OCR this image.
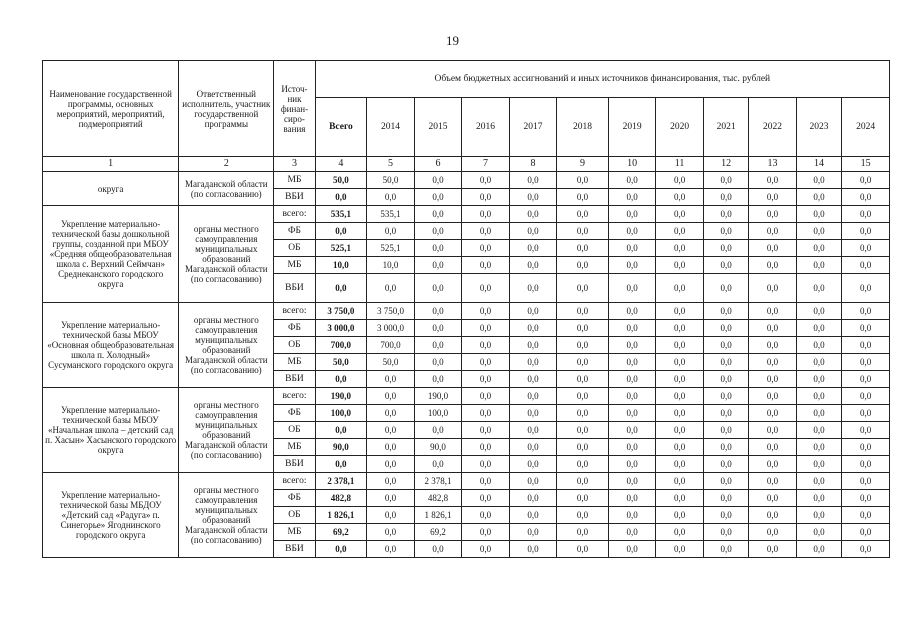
19
Наименование государственной программы, основных мероприятий, мероприятий, подмероприятий	Ответственный исполнитель, участник государственной программы	Источ-ник финан-сиро-вания	Объем бюджетных ассигнований и иных источников финансирования, тыс. рублей											
			Всего	2014	2015	2016	2017	2018	2019	2020	2021	2022	2023	2024
1	2	3	4	5	6	7	8	9	10	11	12	13	14	15
округа	Магаданской области (по согласованию)	МБ	50,0	50,0	0,0	0,0	0,0	0,0	0,0	0,0	0,0	0,0	0,0	0,0
		ВБИ	0,0	0,0	0,0	0,0	0,0	0,0	0,0	0,0	0,0	0,0	0,0	0,0
Укрепление материально-технической базы дошкольной группы, созданной при МБОУ «Средняя общеобразовательная школа с. Верхний Сеймчан» Среднеканского городского округа	органы местного самоуправления муниципальных образований Магаданской области (по согласованию)	всего:	535,1	535,1	0,0	0,0	0,0	0,0	0,0	0,0	0,0	0,0	0,0	0,0
		ФБ	0,0	0,0	0,0	0,0	0,0	0,0	0,0	0,0	0,0	0,0	0,0	0,0
		ОБ	525,1	525,1	0,0	0,0	0,0	0,0	0,0	0,0	0,0	0,0	0,0	0,0
		МБ	10,0	10,0	0,0	0,0	0,0	0,0	0,0	0,0	0,0	0,0	0,0	0,0
		ВБИ	0,0	0,0	0,0	0,0	0,0	0,0	0,0	0,0	0,0	0,0	0,0	0,0
Укрепление материально-технической базы МБОУ «Основная общеобразовательная школа п. Холодный» Сусуманского городского округа	органы местного самоуправления муниципальных образований Магаданской области (по согласованию)	всего:	3 750,0	3 750,0	0,0	0,0	0,0	0,0	0,0	0,0	0,0	0,0	0,0	0,0
		ФБ	3 000,0	3 000,0	0,0	0,0	0,0	0,0	0,0	0,0	0,0	0,0	0,0	0,0
		ОБ	700,0	700,0	0,0	0,0	0,0	0,0	0,0	0,0	0,0	0,0	0,0	0,0
		МБ	50,0	50,0	0,0	0,0	0,0	0,0	0,0	0,0	0,0	0,0	0,0	0,0
		ВБИ	0,0	0,0	0,0	0,0	0,0	0,0	0,0	0,0	0,0	0,0	0,0	0,0
Укрепление материально-технической базы МБОУ «Начальная школа – детский сад п. Хасын» Хасынского городского округа	органы местного самоуправления муниципальных образований Магаданской области (по согласованию)	всего:	190,0	0,0	190,0	0,0	0,0	0,0	0,0	0,0	0,0	0,0	0,0	0,0
		ФБ	100,0	0,0	100,0	0,0	0,0	0,0	0,0	0,0	0,0	0,0	0,0	0,0
		ОБ	0,0	0,0	0,0	0,0	0,0	0,0	0,0	0,0	0,0	0,0	0,0	0,0
		МБ	90,0	0,0	90,0	0,0	0,0	0,0	0,0	0,0	0,0	0,0	0,0	0,0
		ВБИ	0,0	0,0	0,0	0,0	0,0	0,0	0,0	0,0	0,0	0,0	0,0	0,0
Укрепление материально-технической базы МБДОУ «Детский сад «Радуга» п. Синегорье» Ягоднинского городского округа	органы местного самоуправления муниципальных образований Магаданской области (по согласованию)	всего:	2 378,1	0,0	2 378,1	0,0	0,0	0,0	0,0	0,0	0,0	0,0	0,0	0,0
		ФБ	482,8	0,0	482,8	0,0	0,0	0,0	0,0	0,0	0,0	0,0	0,0	0,0
		ОБ	1 826,1	0,0	1 826,1	0,0	0,0	0,0	0,0	0,0	0,0	0,0	0,0	0,0
		МБ	69,2	0,0	69,2	0,0	0,0	0,0	0,0	0,0	0,0	0,0	0,0	0,0
		ВБИ	0,0	0,0	0,0	0,0	0,0	0,0	0,0	0,0	0,0	0,0	0,0	0,0
